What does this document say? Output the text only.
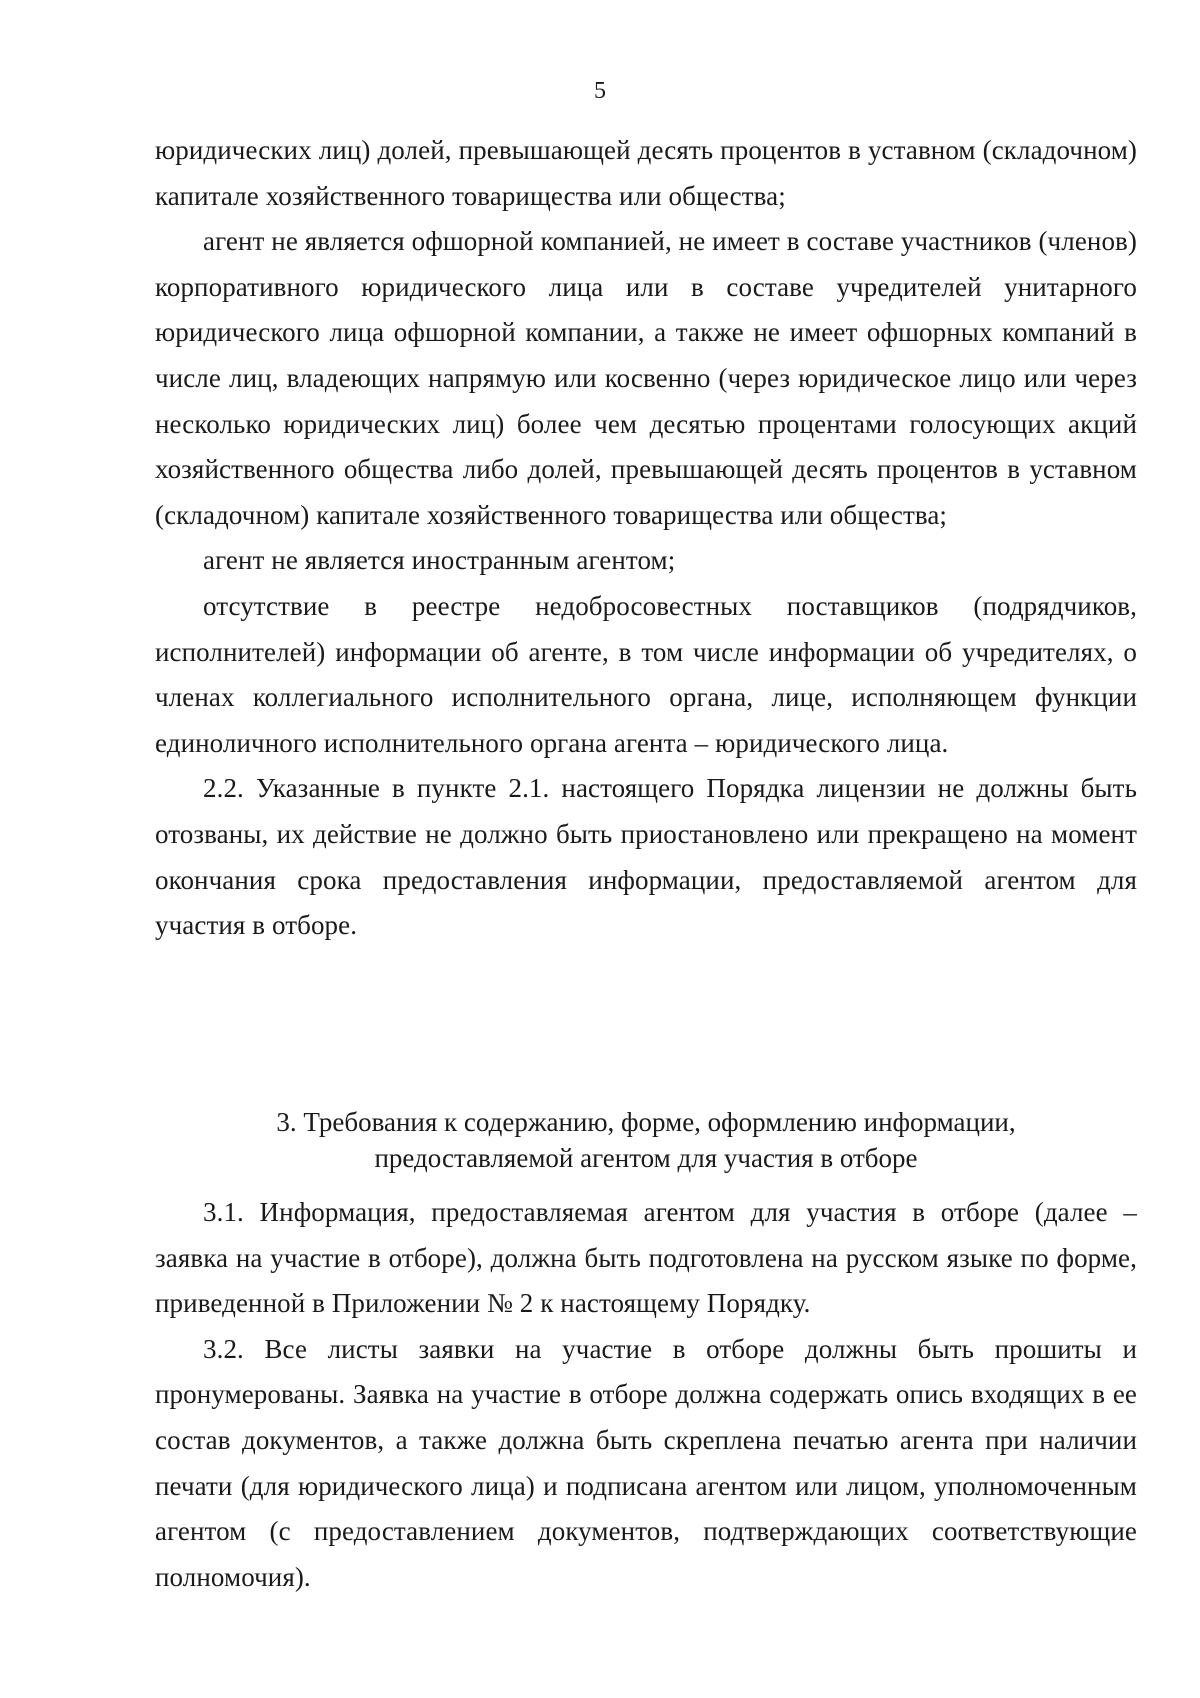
5

юридических лиц) долей, превышающей десять процентов в уставном (складочном) капитале хозяйственного товарищества или общества;

агент не является офшорной компанией, не имеет в составе участников (членов) корпоративного юридического лица или в составе учредителей унитарного юридического лица офшорной компании, а также не имеет офшорных компаний в числе лиц, владеющих напрямую или косвенно (через юридическое лицо или через несколько юридических лиц) более чем десятью процентами голосующих акций хозяйственного общества либо долей, превышающей десять процентов в уставном (складочном) капитале хозяйственного товарищества или общества;

агент не является иностранным агентом;

отсутствие в реестре недобросовестных поставщиков (подрядчиков, исполнителей) информации об агенте, в том числе информации об учредителях, о членах коллегиального исполнительного органа, лице, исполняющем функции единоличного исполнительного органа агента – юридического лица.

2.2. Указанные в пункте 2.1. настоящего Порядка лицензии не должны быть отозваны, их действие не должно быть приостановлено или прекращено на момент окончания срока предоставления информации, предоставляемой агентом для участия в отборе.

3. Требования к содержанию, форме, оформлению информации,
предоставляемой агентом для участия в отборе

3.1. Информация, предоставляемая агентом для участия в отборе (далее – заявка на участие в отборе), должна быть подготовлена на русском языке по форме, приведенной в Приложении № 2 к настоящему Порядку.

3.2. Все листы заявки на участие в отборе должны быть прошиты и пронумерованы. Заявка на участие в отборе должна содержать опись входящих в ее состав документов, а также должна быть скреплена печатью агента при наличии печати (для юридического лица) и подписана агентом или лицом, уполномоченным агентом (с предоставлением документов, подтверждающих соответствующие полномочия).
